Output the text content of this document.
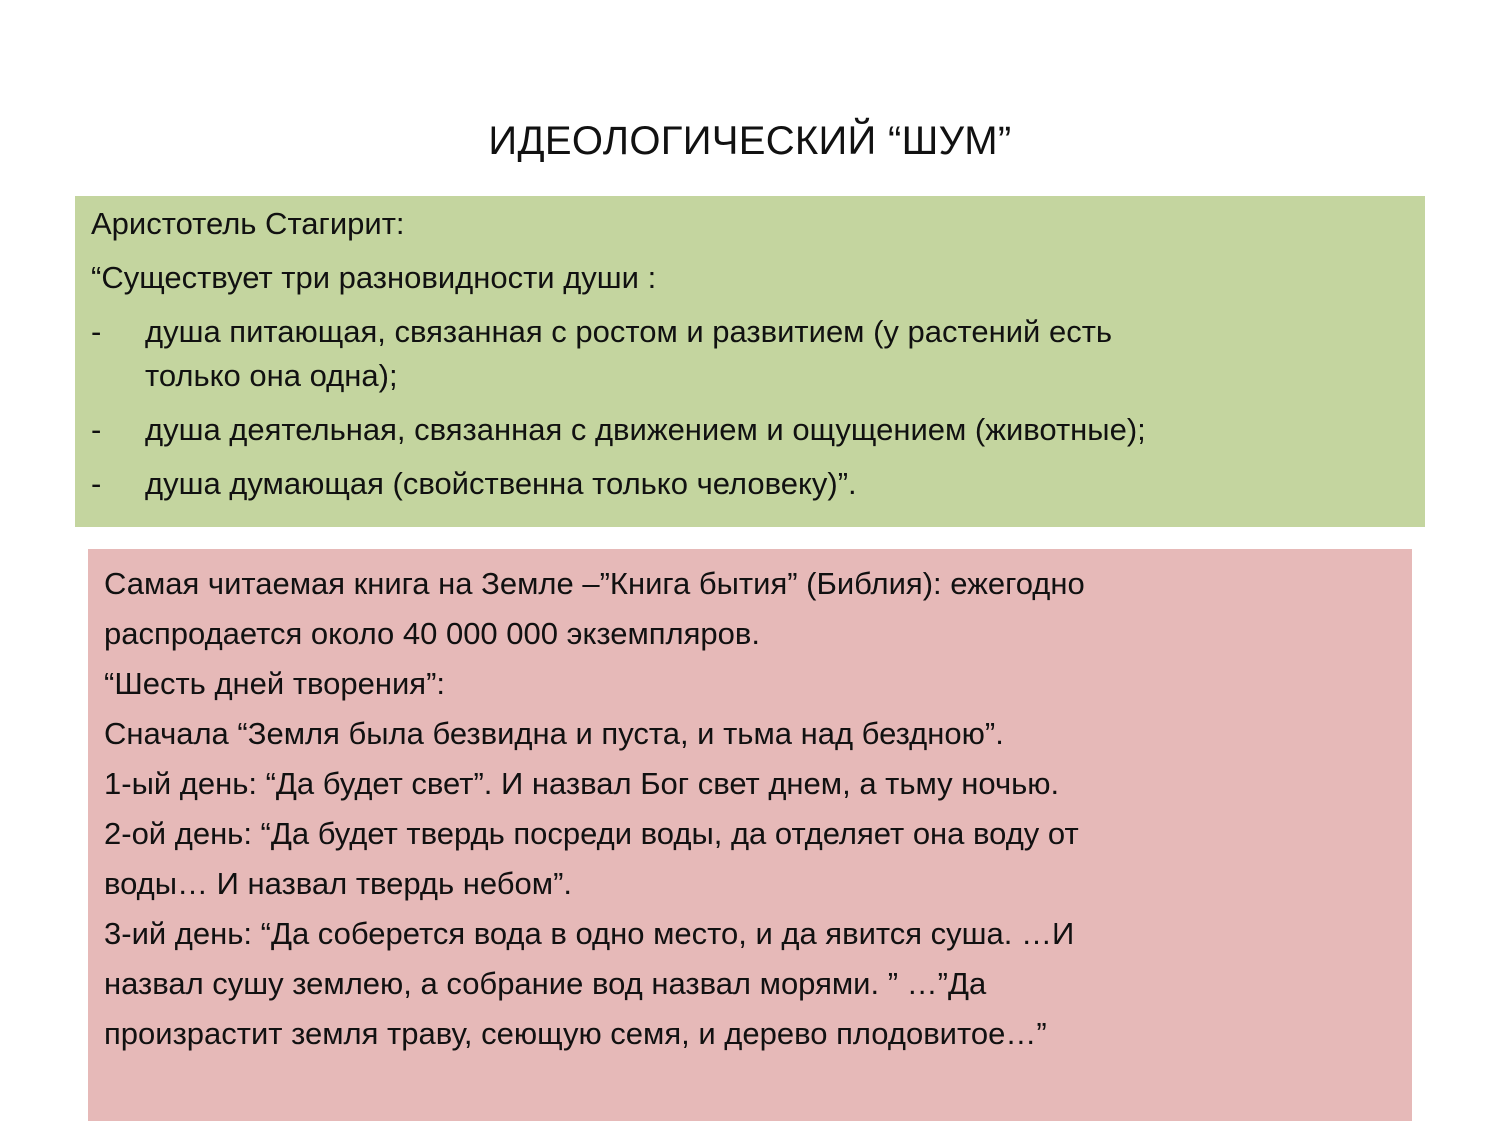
ИДЕОЛОГИЧЕСКИЙ “ШУМ”
Аристотель Стагирит:
“Существует три разновидности души :
-	душа питающая, связанная с ростом и развитием (у растений есть
только она одна);
-	душа деятельная, связанная с движением и ощущением (животные);
-	душа думающая (свойственна только человеку)”.
Самая читаемая книга на Земле –”Книга бытия” (Библия): ежегодно
распродается около 40 000 000 экземпляров.
“Шесть дней творения”:
Сначала “Земля была безвидна и пуста, и тьма над бездною”.
1-ый день: “Да будет свет”. И назвал Бог свет днем, а тьму ночью.
2-ой день: “Да будет твердь посреди воды, да отделяет она воду от
воды… И назвал твердь небом”.
3-ий день: “Да соберется вода в одно место, и да явится суша. …И
назвал сушу землею, а собрание вод назвал морями. ” …”Да
произрастит земля траву, сеющую семя, и дерево плодовитое…”
